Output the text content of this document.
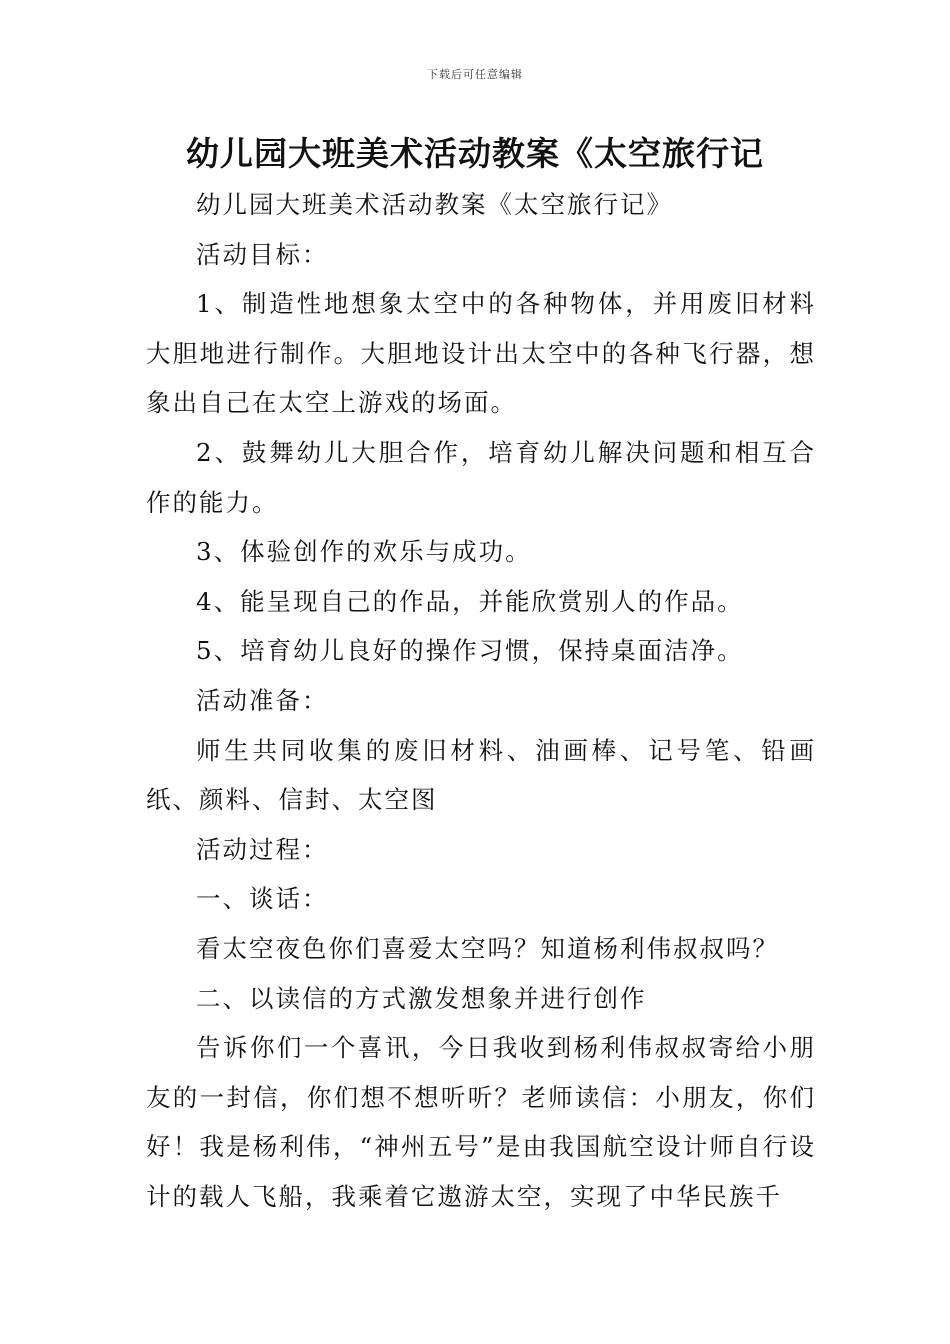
下载后可任意编辑
幼儿园大班美术活动教案《太空旅行记

幼儿园大班美术活动教案《太空旅行记》

活动目标：

1、制造性地想象太空中的各种物体，并用废旧材料大胆地进行制作。大胆地设计出太空中的各种飞行器，想象出自己在太空上游戏的场面。

2、鼓舞幼儿大胆合作，培育幼儿解决问题和相互合作的能力。

3、体验创作的欢乐与成功。

4、能呈现自己的作品，并能欣赏别人的作品。

5、培育幼儿良好的操作习惯，保持桌面洁净。

活动准备：

师生共同收集的废旧材料、油画棒、记号笔、铅画纸、颜料、信封、太空图

活动过程：

一、谈话：

看太空夜色你们喜爱太空吗？知道杨利伟叔叔吗？

二、以读信的方式激发想象并进行创作

告诉你们一个喜讯，今日我收到杨利伟叔叔寄给小朋友的一封信，你们想不想听听？老师读信：小朋友，你们好！我是杨利伟，“神州五号”是由我国航空设计师自行设计的载人飞船，我乘着它遨游太空，实现了中华民族千
